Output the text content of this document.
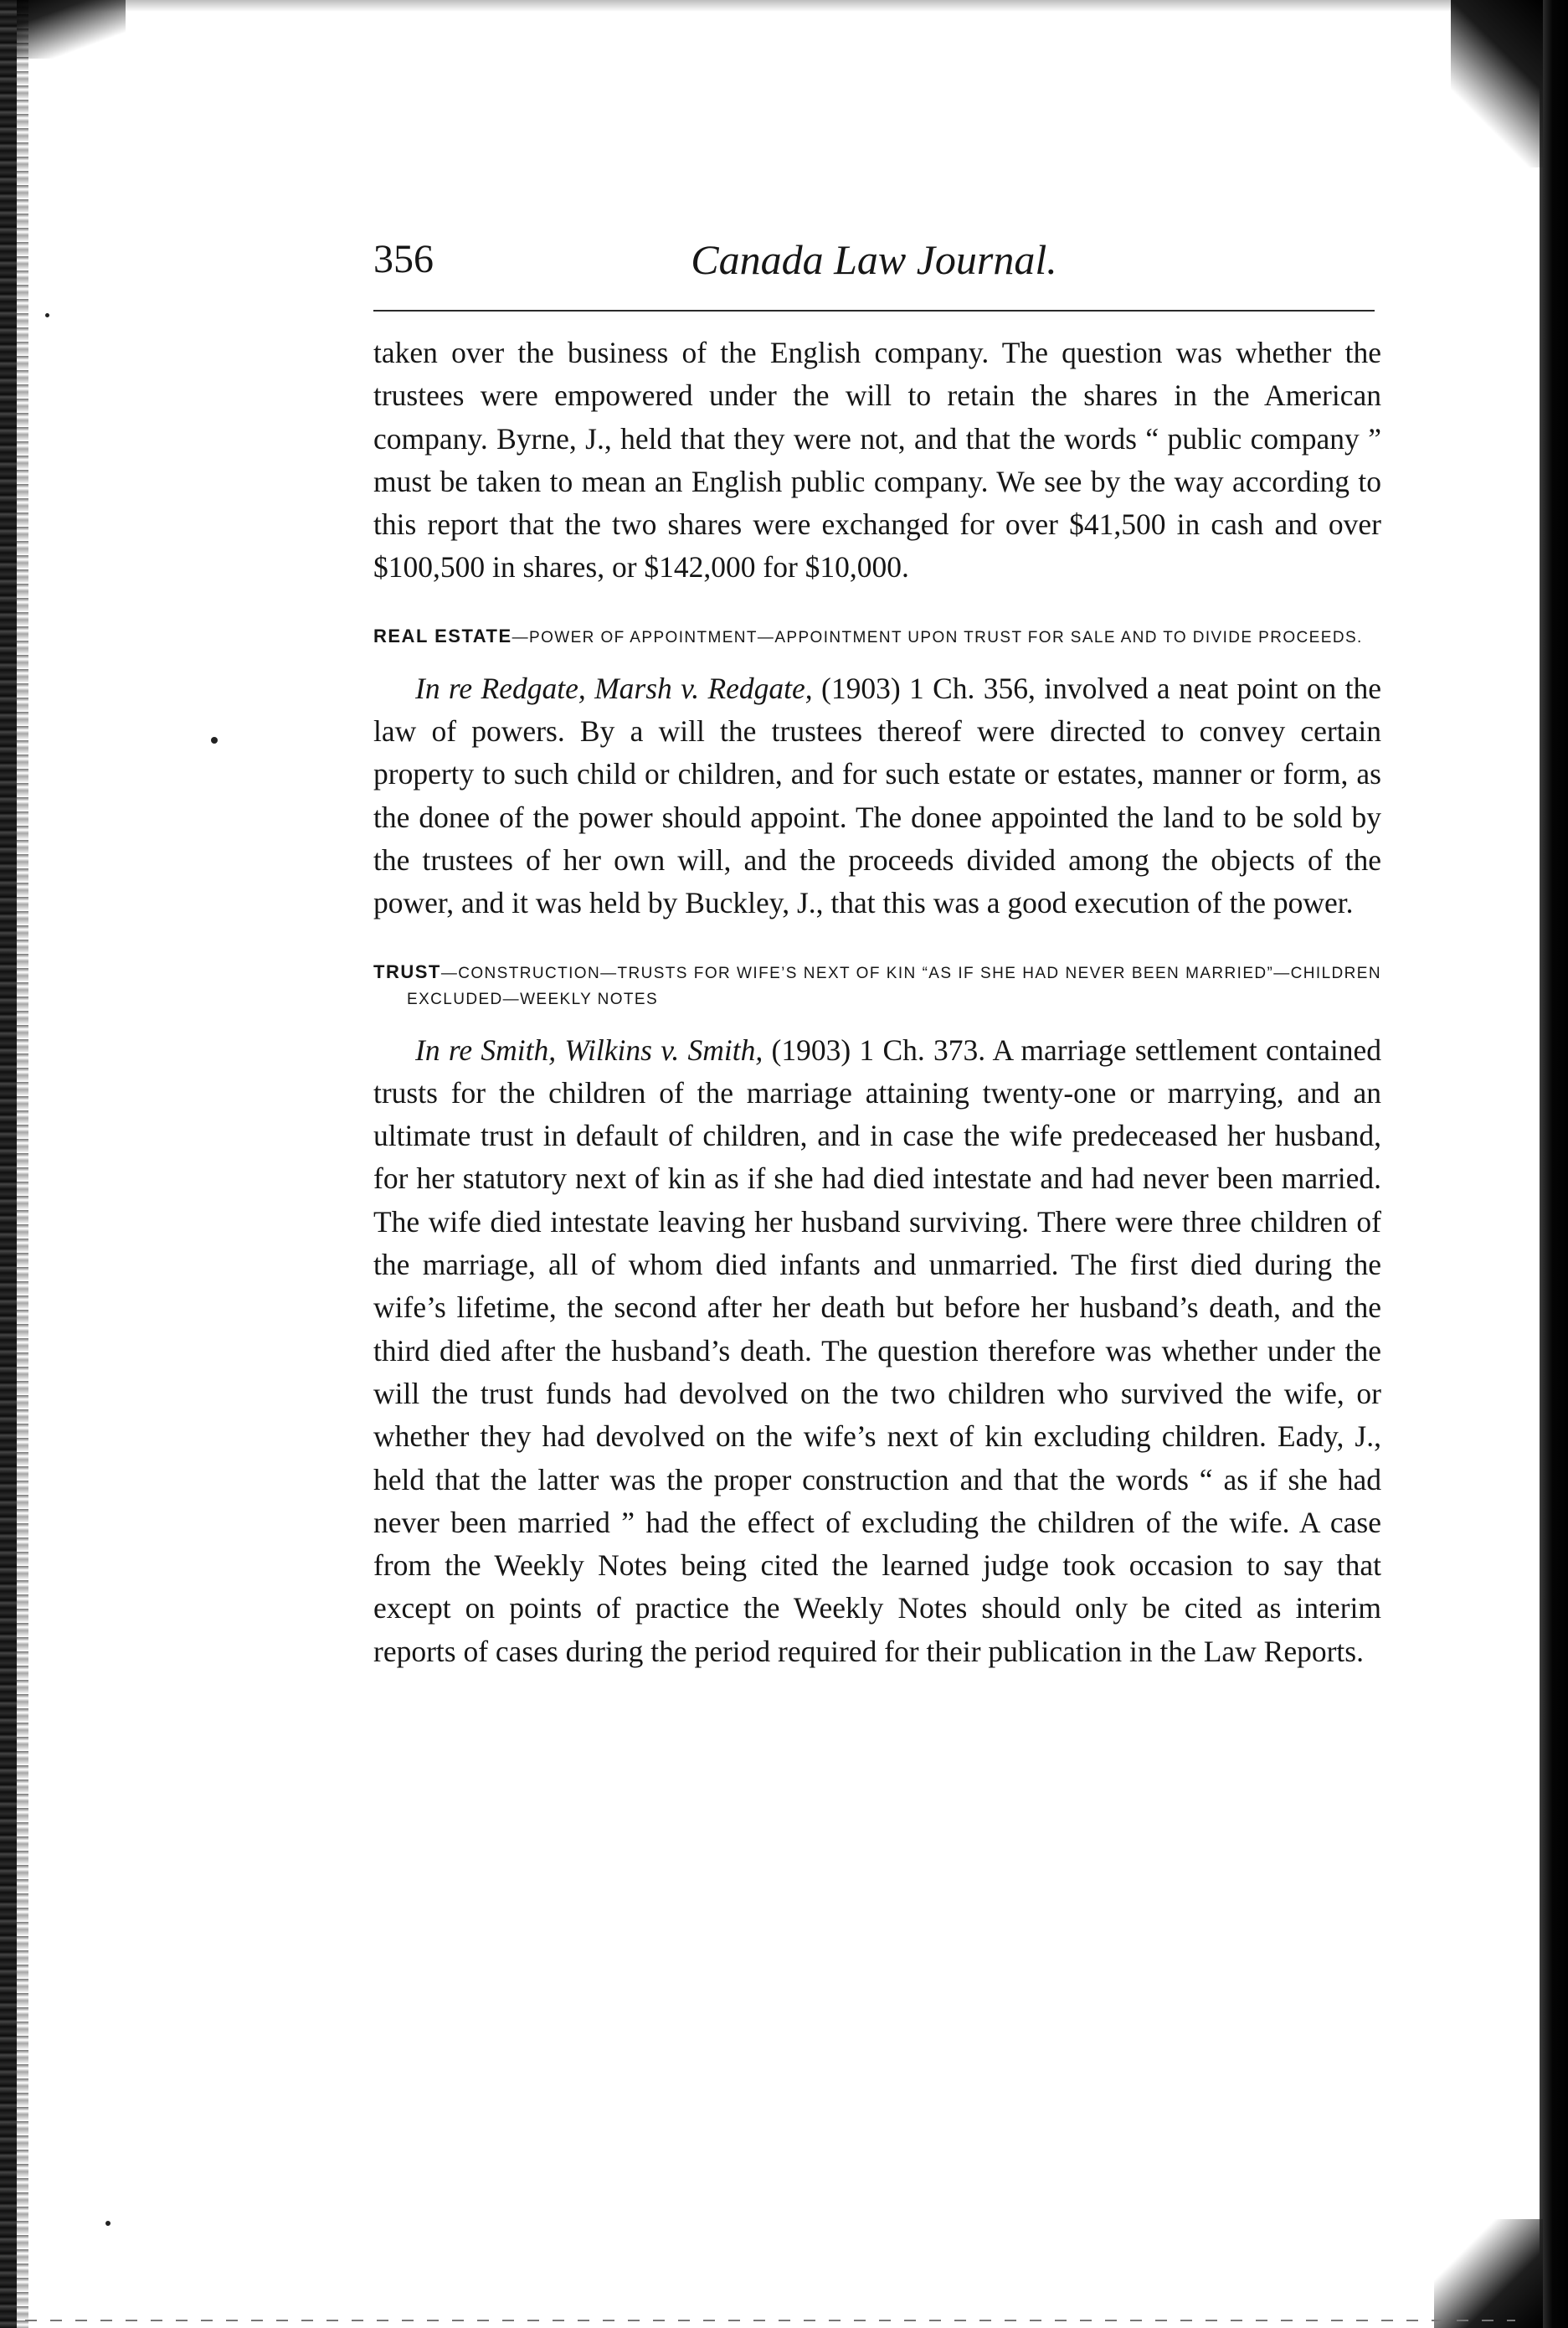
356	Canada Law Journal.

taken over the business of the English company. The question was whether the trustees were empowered under the will to retain the shares in the American company. Byrne, J., held that they were not, and that the words “ public company ” must be taken to mean an English public company. We see by the way according to this report that the two shares were exchanged for over $41,500 in cash and over $100,500 in shares, or $142,000 for $10,000.

REAL ESTATE—POWER OF APPOINTMENT—APPOINTMENT UPON TRUST FOR SALE AND TO DIVIDE PROCEEDS.

In re Redgate, Marsh v. Redgate, (1903) 1 Ch. 356, involved a neat point on the law of powers. By a will the trustees thereof were directed to convey certain property to such child or children, and for such estate or estates, manner or form, as the donee of the power should appoint. The donee appointed the land to be sold by the trustees of her own will, and the proceeds divided among the objects of the power, and it was held by Buckley, J., that this was a good execution of the power.

TRUST—CONSTRUCTION—TRUSTS FOR WIFE’S NEXT OF KIN “AS IF SHE HAD NEVER BEEN MARRIED”—CHILDREN EXCLUDED—WEEKLY NOTES

In re Smith, Wilkins v. Smith, (1903) 1 Ch. 373. A marriage settlement contained trusts for the children of the marriage attaining twenty-one or marrying, and an ultimate trust in default of children, and in case the wife predeceased her husband, for her statutory next of kin as if she had died intestate and had never been married. The wife died intestate leaving her husband surviving. There were three children of the marriage, all of whom died infants and unmarried. The first died during the wife’s lifetime, the second after her death but before her husband’s death, and the third died after the husband’s death. The question therefore was whether under the will the trust funds had devolved on the two children who survived the wife, or whether they had devolved on the wife’s next of kin excluding children. Eady, J., held that the latter was the proper construction and that the words “ as if she had never been married ” had the effect of excluding the children of the wife. A case from the Weekly Notes being cited the learned judge took occasion to say that except on points of practice the Weekly Notes should only be cited as interim reports of cases during the period required for their publication in the Law Reports.
